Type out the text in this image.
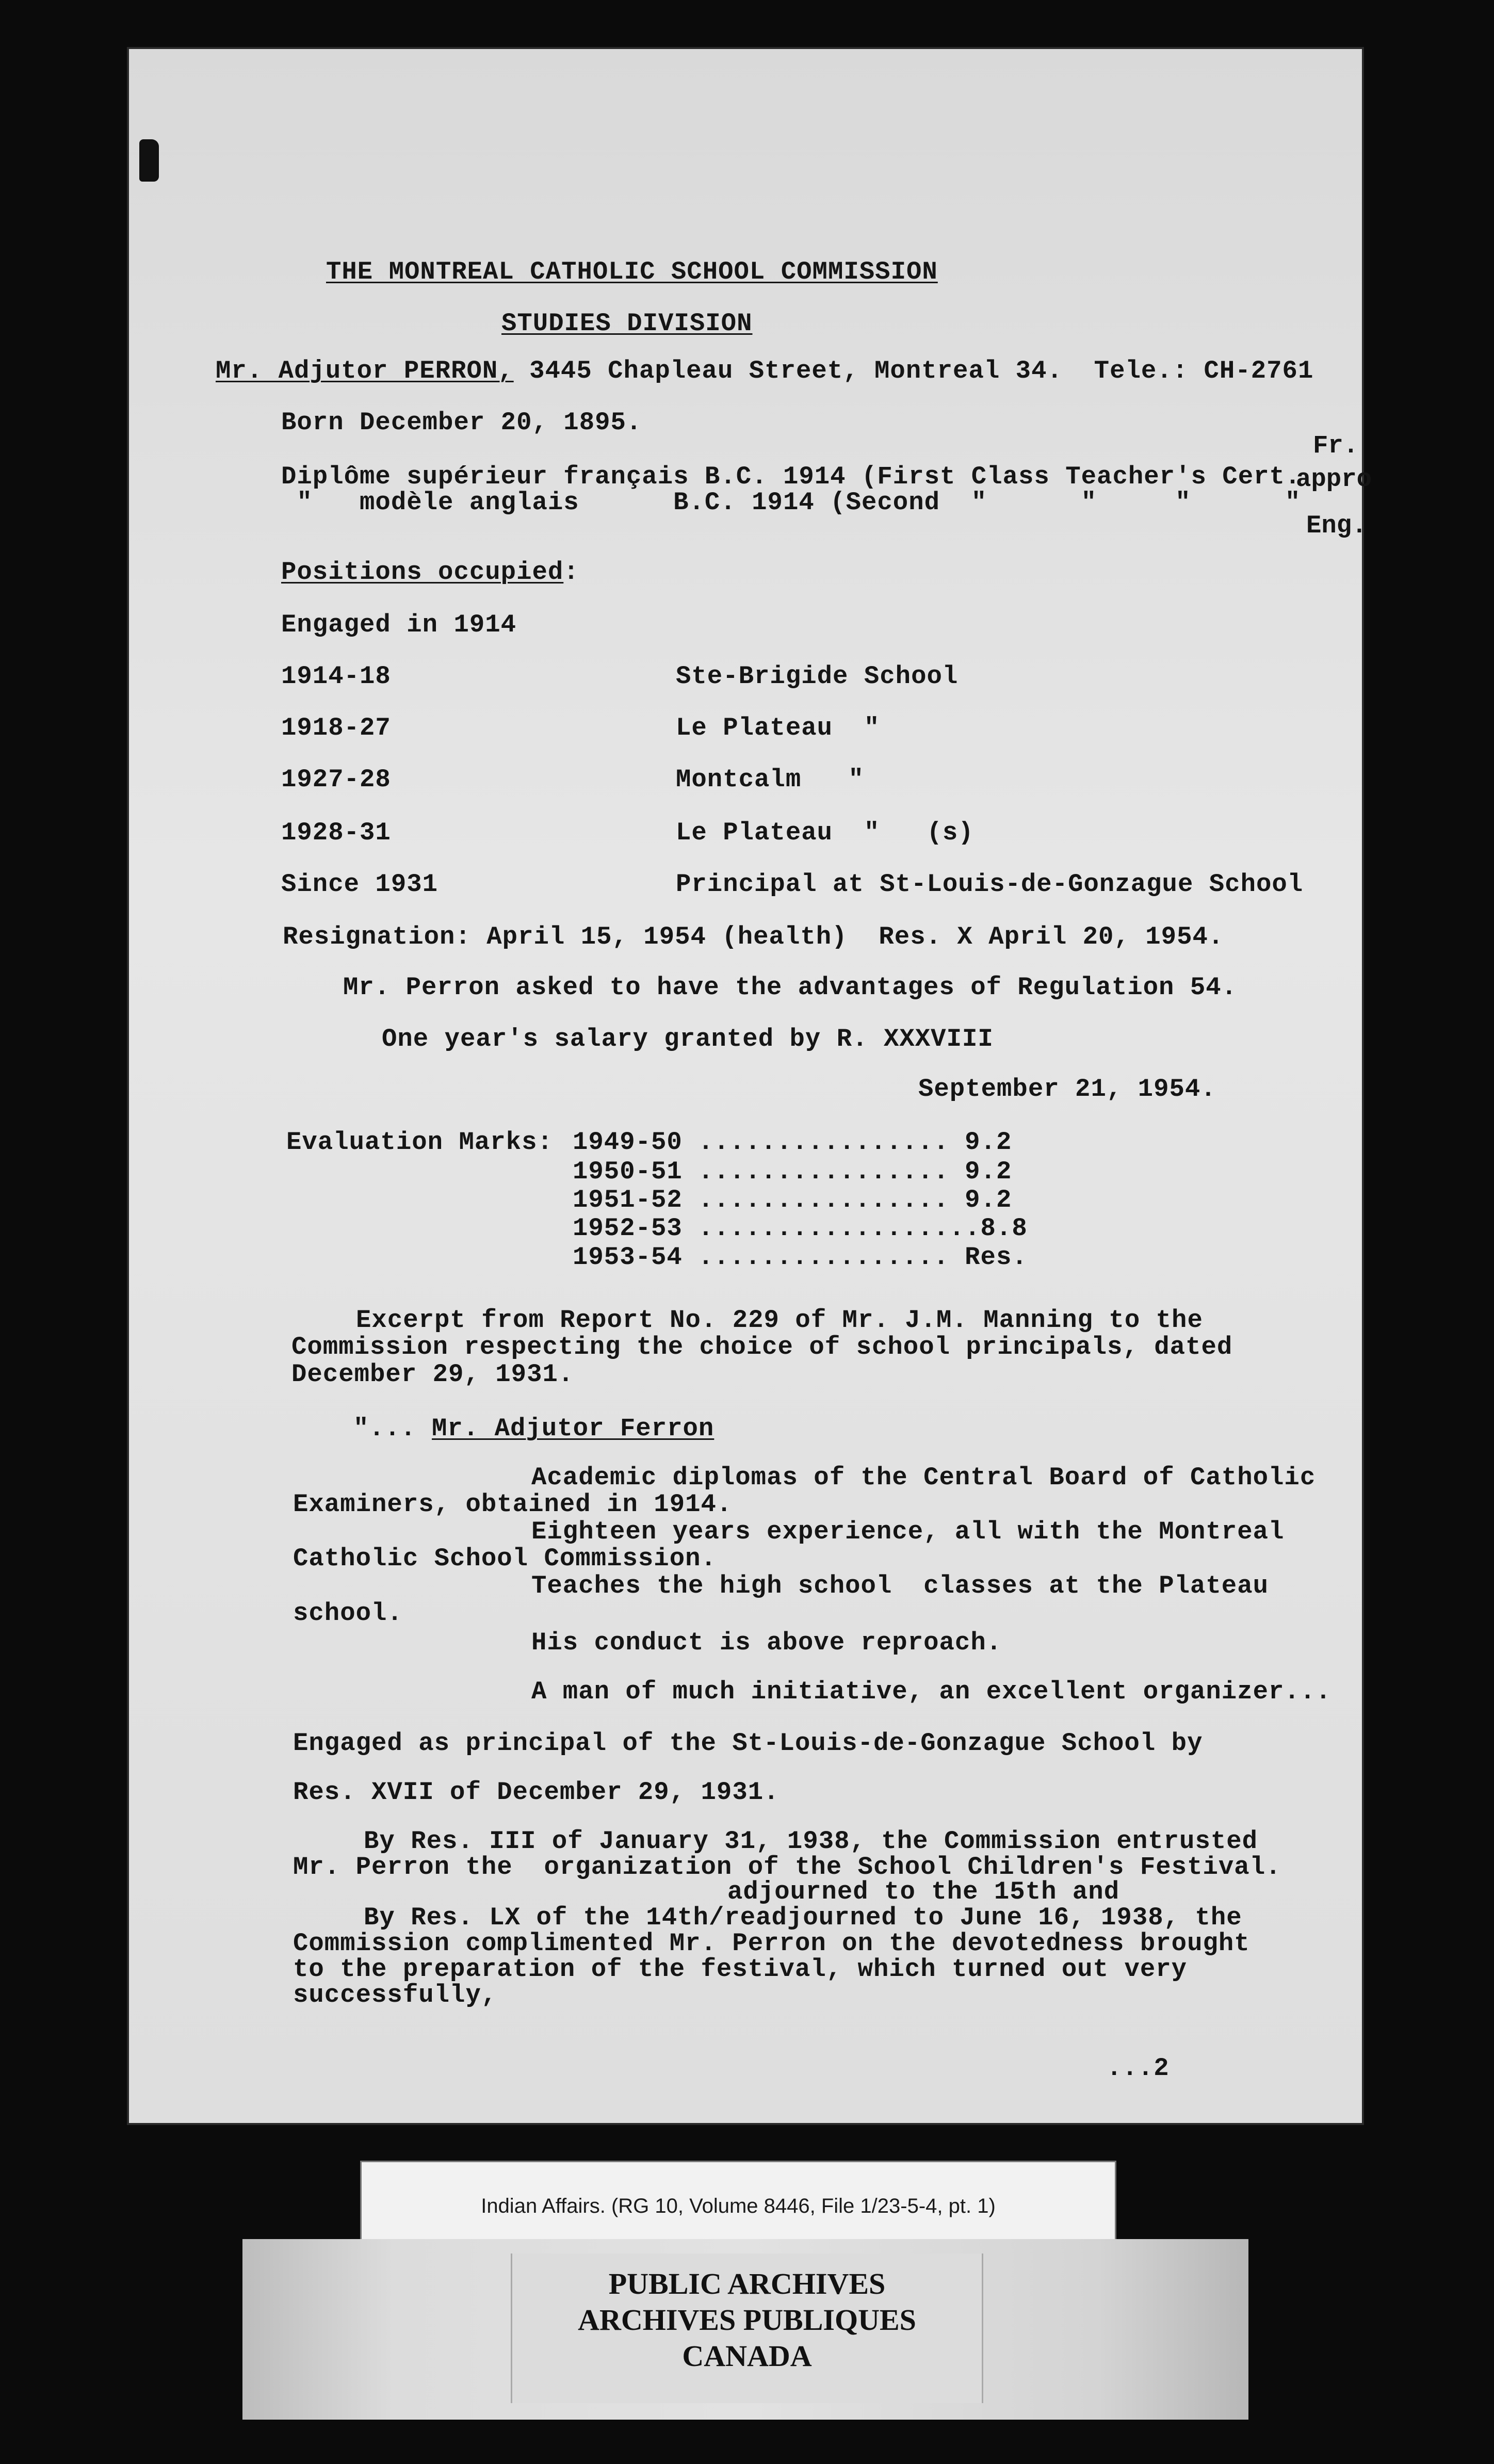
THE MONTREAL CATHOLIC SCHOOL COMMISSION
STUDIES DIVISION
Mr. Adjutor PERRON, 3445 Chapleau Street, Montreal 34.  Tele.: CH-2761
Born December 20, 1895.
Diplôme supérieur français B.C. 1914 (First Class Teacher's Cert.
"   modèle anglais      B.C. 1914 (Second  "      "     "      "
Positions occupied:
Engaged in 1914
1914-18	Ste-Brigide School
1918-27	Le Plateau  "
1927-28	Montcalm   "
1928-31	Le Plateau  "   (s)
Since 1931	Principal at St-Louis-de-Gonzague School
Resignation: April 15, 1954 (health)  Res. X April 20, 1954.
Mr. Perron asked to have the advantages of Regulation 54.
One year's salary granted by R. XXXVIII
September 21, 1954.
Evaluation Marks: 1949-50 ................ 9.2
1950-51 ................ 9.2
1951-52 ................ 9.2
1952-53 ..................8.8
1953-54 ................ Res.
Excerpt from Report No. 229 of Mr. J.M. Manning to the
Commission respecting the choice of school principals, dated
December 29, 1931.
"... Mr. Adjutor Ferron
Academic diplomas of the Central Board of Catholic
Examiners, obtained in 1914.
Eighteen years experience, all with the Montreal
Catholic School Commission.
Teaches the high school  classes at the Plateau
school.
His conduct is above reproach.
A man of much initiative, an excellent organizer...
Engaged as principal of the St-Louis-de-Gonzague School by
Res. XVII of December 29, 1931.
By Res. III of January 31, 1938, the Commission entrusted
Mr. Perron the  organization of the School Children's Festival.
adjourned to the 15th and
By Res. LX of the 14th/readjourned to June 16, 1938, the
Commission complimented Mr. Perron on the devotedness brought
to the preparation of the festival, which turned out very
successfully,
...2
Fr.
appro
Eng.
Indian Affairs. (RG 10, Volume 8446, File 1/23-5-4, pt. 1)
PUBLIC ARCHIVES
ARCHIVES PUBLIQUES
CANADA
